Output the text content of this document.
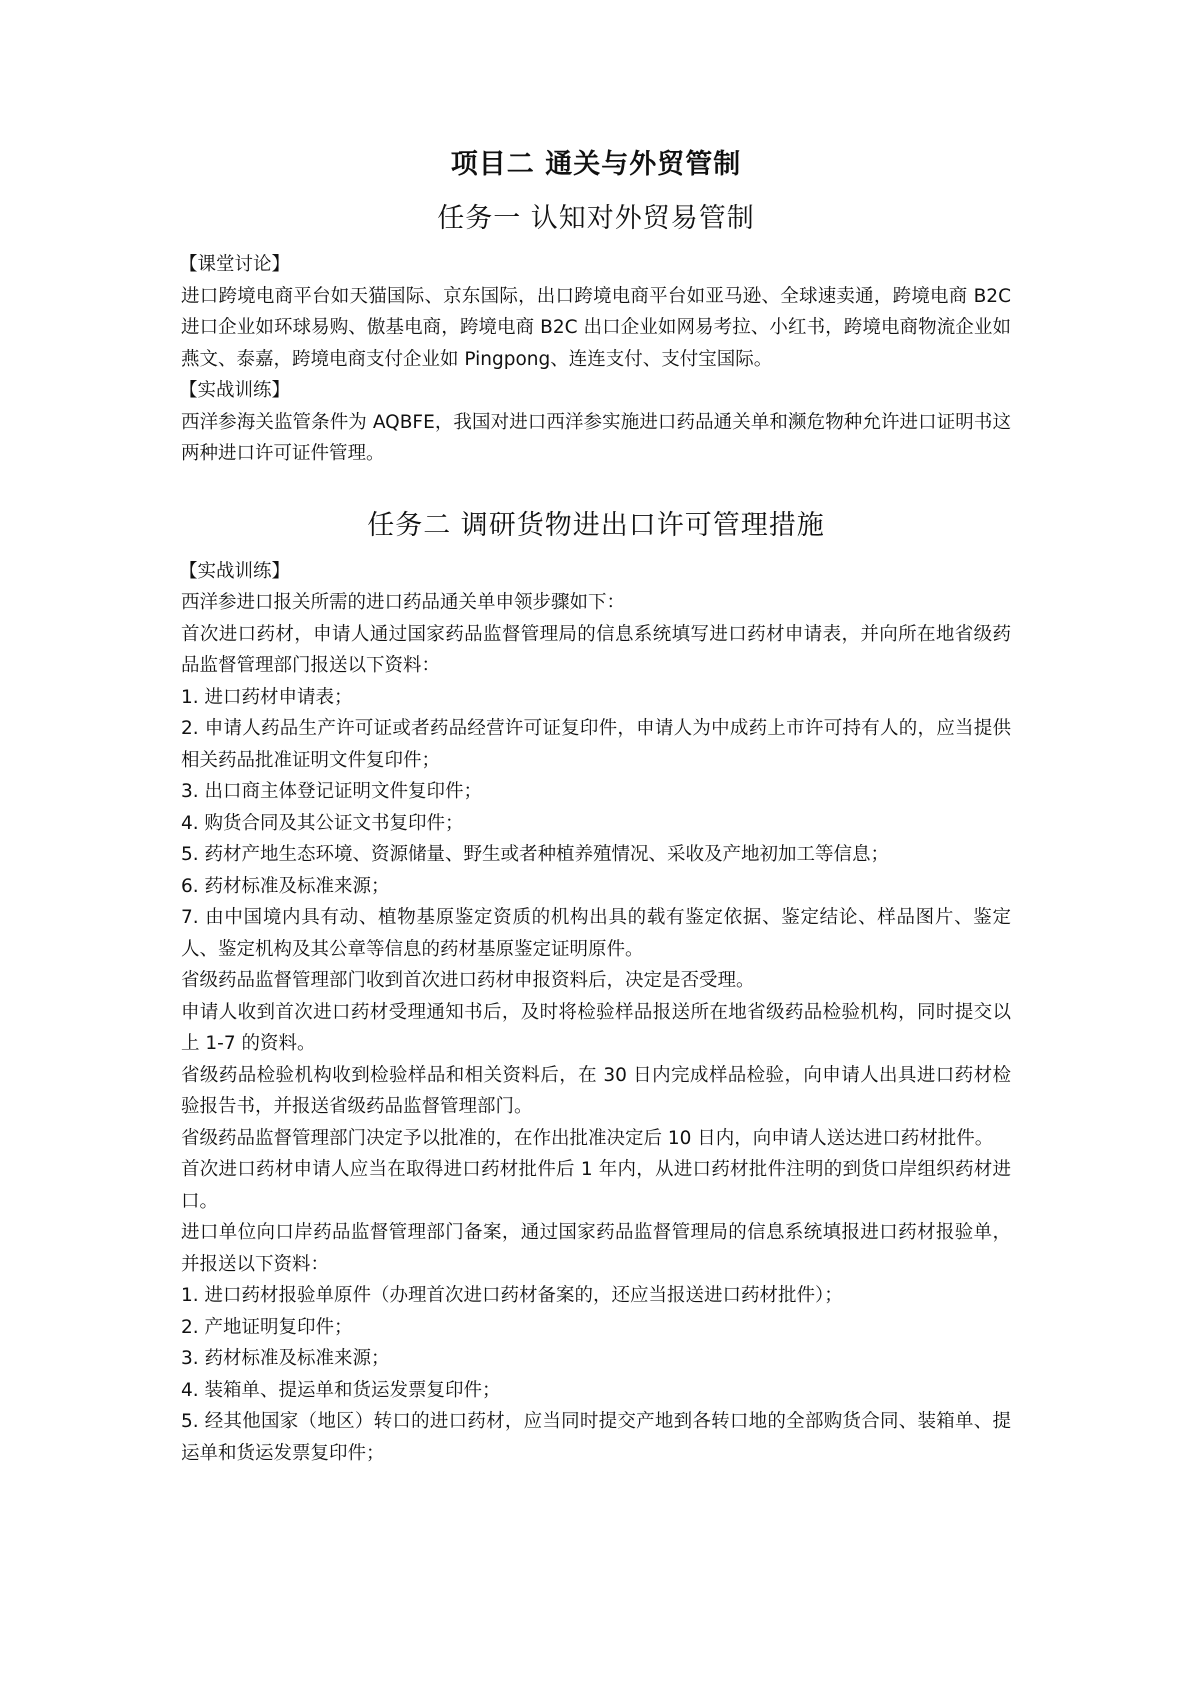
项目二 通关与外贸管制
任务一 认知对外贸易管制
【课堂讨论】
进口跨境电商平台如天猫国际、京东国际，出口跨境电商平台如亚马逊、全球速卖通，跨境电商 B2C 进口企业如环球易购、傲基电商，跨境电商 B2C 出口企业如网易考拉、小红书，跨境电商物流企业如燕文、泰嘉，跨境电商支付企业如 Pingpong、连连支付、支付宝国际。
【实战训练】
西洋参海关监管条件为 AQBFE，我国对进口西洋参实施进口药品通关单和濒危物种允许进口证明书这两种进口许可证件管理。
任务二 调研货物进出口许可管理措施
【实战训练】
西洋参进口报关所需的进口药品通关单申领步骤如下：
首次进口药材，申请人通过国家药品监督管理局的信息系统填写进口药材申请表，并向所在地省级药品监督管理部门报送以下资料：
1. 进口药材申请表；
2. 申请人药品生产许可证或者药品经营许可证复印件，申请人为中成药上市许可持有人的，应当提供相关药品批准证明文件复印件；
3. 出口商主体登记证明文件复印件；
4. 购货合同及其公证文书复印件；
5. 药材产地生态环境、资源储量、野生或者种植养殖情况、采收及产地初加工等信息；
6. 药材标准及标准来源；
7. 由中国境内具有动、植物基原鉴定资质的机构出具的载有鉴定依据、鉴定结论、样品图片、鉴定人、鉴定机构及其公章等信息的药材基原鉴定证明原件。
省级药品监督管理部门收到首次进口药材申报资料后，决定是否受理。
申请人收到首次进口药材受理通知书后，及时将检验样品报送所在地省级药品检验机构，同时提交以上 1-7 的资料。
省级药品检验机构收到检验样品和相关资料后，在 30 日内完成样品检验，向申请人出具进口药材检验报告书，并报送省级药品监督管理部门。
省级药品监督管理部门决定予以批准的，在作出批准决定后 10 日内，向申请人送达进口药材批件。
首次进口药材申请人应当在取得进口药材批件后 1 年内，从进口药材批件注明的到货口岸组织药材进口。
进口单位向口岸药品监督管理部门备案，通过国家药品监督管理局的信息系统填报进口药材报验单，并报送以下资料：
1. 进口药材报验单原件（办理首次进口药材备案的，还应当报送进口药材批件）；
2. 产地证明复印件；
3. 药材标准及标准来源；
4. 装箱单、提运单和货运发票复印件；
5. 经其他国家（地区）转口的进口药材，应当同时提交产地到各转口地的全部购货合同、装箱单、提运单和货运发票复印件；
